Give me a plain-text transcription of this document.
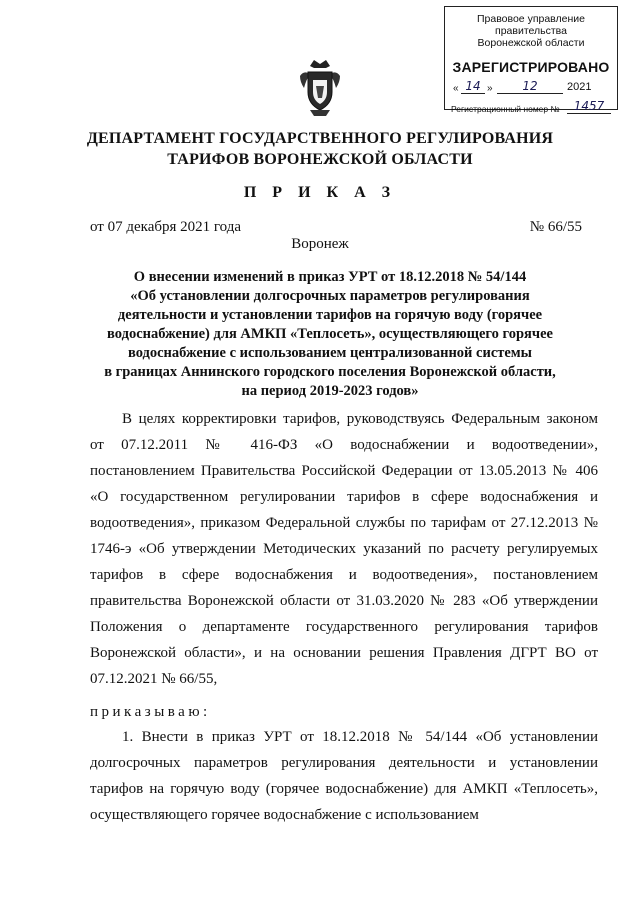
Правовое управление правительства
Воронежской области
ЗАРЕГИСТРИРОВАНО
« 14 »	12	2021
Регистрационный номер №	1457
ДЕПАРТАМЕНТ ГОСУДАРСТВЕННОГО РЕГУЛИРОВАНИЯ
ТАРИФОВ ВОРОНЕЖСКОЙ ОБЛАСТИ
П Р И К А З
от 07 декабря 2021 года	№ 66/55
Воронеж
О внесении изменений в приказ УРТ от 18.12.2018 № 54/144
«Об установлении долгосрочных параметров регулирования
деятельности и установлении тарифов на горячую воду (горячее
водоснабжение) для АМКП «Теплосеть», осуществляющего горячее
водоснабжение с использованием централизованной системы
в границах Аннинского городского поселения Воронежской области,
на период 2019-2023 годов»

В целях корректировки тарифов, руководствуясь Федеральным законом от 07.12.2011 № 416-ФЗ «О водоснабжении и водоотведении», постановлением Правительства Российской Федерации от 13.05.2013 № 406 «О государственном регулировании тарифов в сфере водоснабжения и водоотведения», приказом Федеральной службы по тарифам от 27.12.2013 № 1746-э «Об утверждении Методических указаний по расчету регулируемых тарифов в сфере водоснабжения и водоотведения», постановлением правительства Воронежской области от 31.03.2020 № 283 «Об утверждении Положения о департаменте государственного регулирования тарифов Воронежской области», и на основании решения Правления ДГРТ ВО от 07.12.2021 № 66/55,

приказываю:

1. Внести в приказ УРТ от 18.12.2018 № 54/144 «Об установлении долгосрочных параметров регулирования деятельности и установлении тарифов на горячую воду (горячее водоснабжение) для АМКП «Теплосеть», осуществляющего горячее водоснабжение с использованием
